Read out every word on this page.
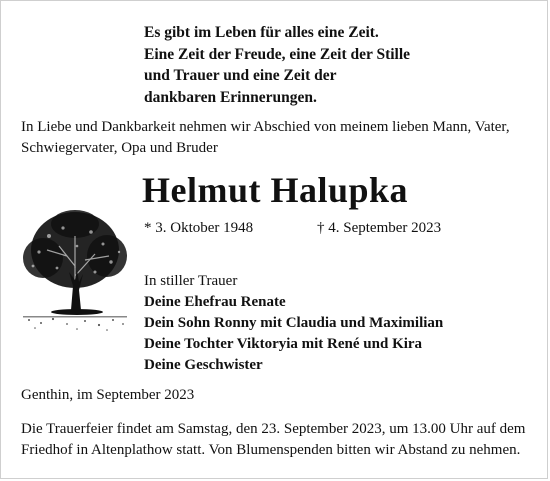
Es gibt im Leben für alles eine Zeit.
Eine Zeit der Freude, eine Zeit der Stille
und Trauer und eine Zeit der
dankbaren Erinnerungen.
In Liebe und Dankbarkeit nehmen wir Abschied von meinem lieben Mann, Vater,
Schwiegervater, Opa und Bruder
Helmut Halupka
* 3. Oktober 1948	† 4. September 2023
In stiller Trauer
Deine Ehefrau Renate
Dein Sohn Ronny mit Claudia und Maximilian
Deine Tochter Viktoryia mit René und Kira
Deine Geschwister
Genthin, im September 2023
Die Trauerfeier findet am Samstag, den 23. September 2023, um 13.00 Uhr auf dem
Friedhof in Altenplathow statt. Von Blumenspenden bitten wir Abstand zu nehmen.
